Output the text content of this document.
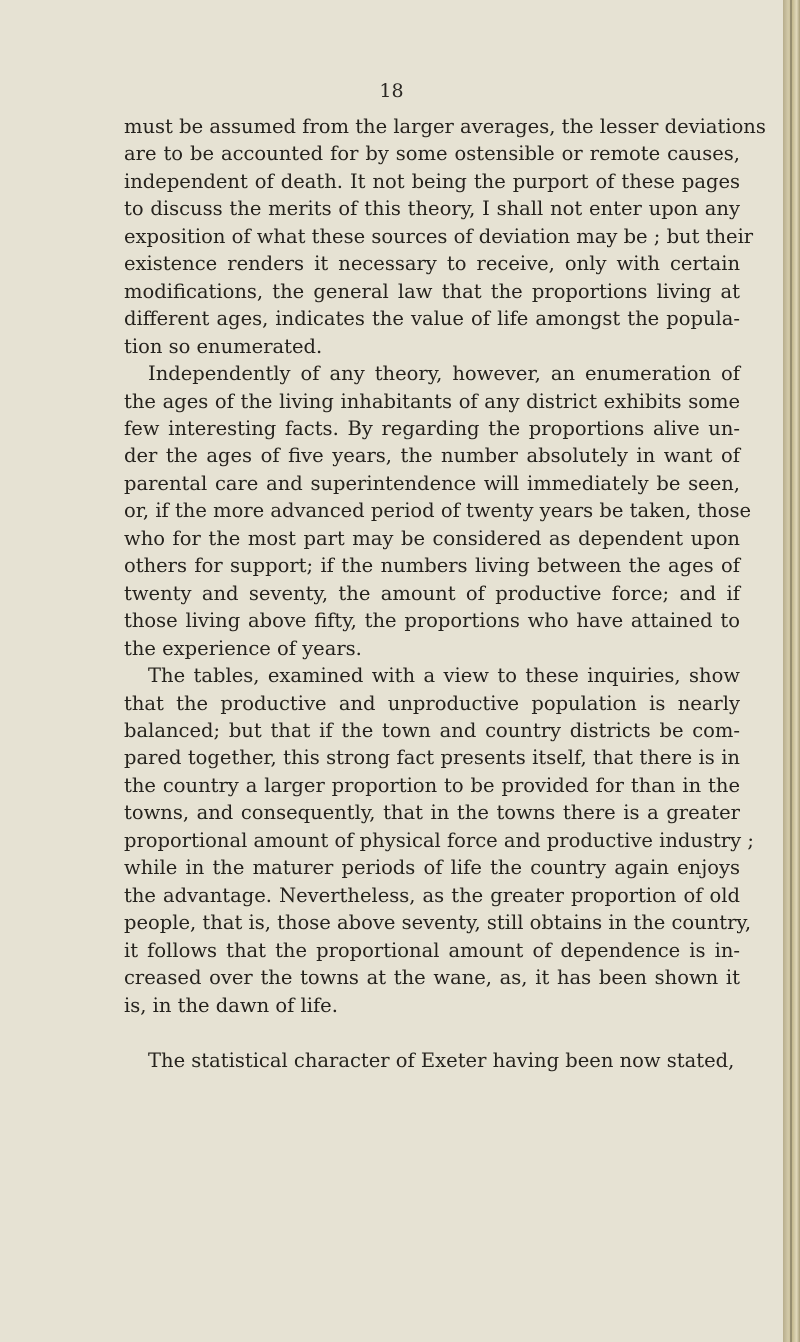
18
must be assumed from the larger averages, the lesser deviations
are to be accounted for by some ostensible or remote causes,
independent of death. It not being the purport of these pages
to discuss the merits of this theory, I shall not enter upon any
exposition of what these sources of deviation may be ; but their
existence renders it necessary to receive, only with certain
modifications, the general law that the proportions living at
different ages, indicates the value of life amongst the popula-
tion so enumerated.
Independently of any theory, however, an enumeration of
the ages of the living inhabitants of any district exhibits some
few interesting facts. By regarding the proportions alive un-
der the ages of five years, the number absolutely in want of
parental care and superintendence will immediately be seen,
or, if the more advanced period of twenty years be taken, those
who for the most part may be considered as dependent upon
others for support; if the numbers living between the ages of
twenty and seventy, the amount of productive force; and if
those living above fifty, the proportions who have attained to
the experience of years.
The tables, examined with a view to these inquiries, show
that the productive and unproductive population is nearly
balanced; but that if the town and country districts be com-
pared together, this strong fact presents itself, that there is in
the country a larger proportion to be provided for than in the
towns, and consequently, that in the towns there is a greater
proportional amount of physical force and productive industry ;
while in the maturer periods of life the country again enjoys
the advantage. Nevertheless, as the greater proportion of old
people, that is, those above seventy, still obtains in the country,
it follows that the proportional amount of dependence is in-
creased over the towns at the wane, as, it has been shown it
is, in the dawn of life.
The statistical character of Exeter having been now stated,
